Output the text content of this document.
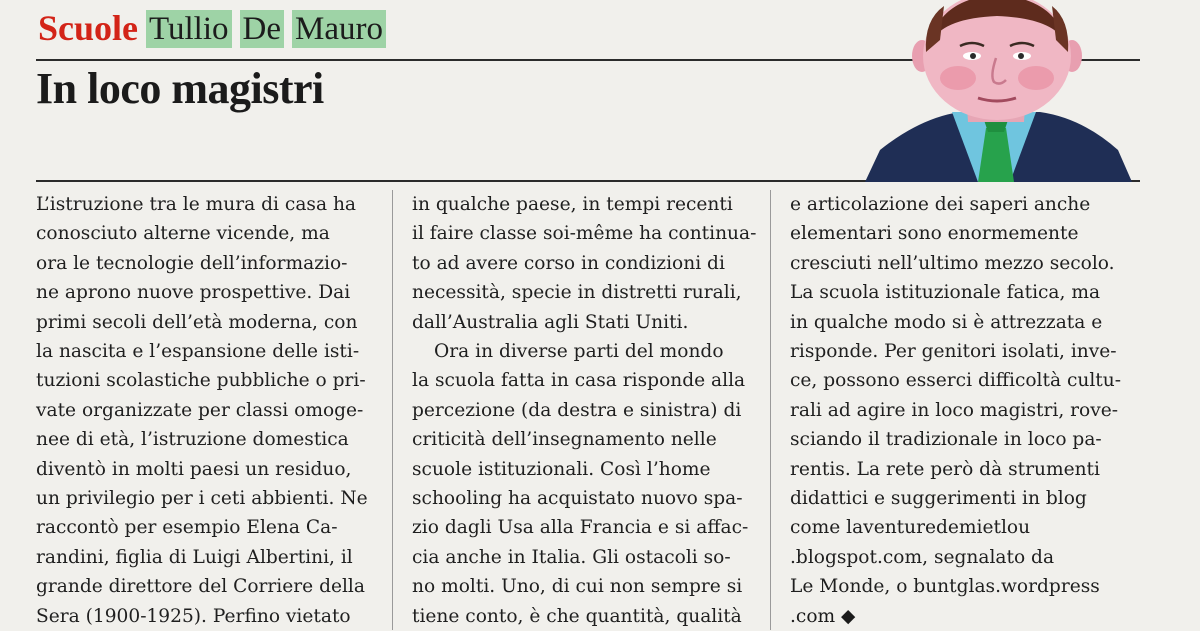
Scuole Tullio De Mauro
In loco magistri

L’istruzione tra le mura di casa ha
conosciuto alterne vicende, ma
ora le tecnologie dell’informazio-
ne aprono nuove prospettive. Dai
primi secoli dell’età moderna, con
la nascita e l’espansione delle isti-
tuzioni scolastiche pubbliche o pri-
vate organizzate per classi omoge-
nee di età, l’istruzione domestica
diventò in molti paesi un residuo,
un privilegio per i ceti abbienti. Ne
raccontò per esempio Elena Ca-
randini, figlia di Luigi Albertini, il
grande direttore del Corriere della
Sera (1900-1925). Perfino vietato

in qualche paese, in tempi recenti
il faire classe soi-même ha continua-
to ad avere corso in condizioni di
necessità, specie in distretti rurali,
dall’Australia agli Stati Uniti.
Ora in diverse parti del mondo
la scuola fatta in casa risponde alla
percezione (da destra e sinistra) di
criticità dell’insegnamento nelle
scuole istituzionali. Così l’home
schooling ha acquistato nuovo spa-
zio dagli Usa alla Francia e si affac-
cia anche in Italia. Gli ostacoli so-
no molti. Uno, di cui non sempre si
tiene conto, è che quantità, qualità

e articolazione dei saperi anche
elementari sono enormemente
cresciuti nell’ultimo mezzo secolo.
La scuola istituzionale fatica, ma
in qualche modo si è attrezzata e
risponde. Per genitori isolati, inve-
ce, possono esserci difficoltà cultu-
rali ad agire in loco magistri, rove-
sciando il tradizionale in loco pa-
rentis. La rete però dà strumenti
didattici e suggerimenti in blog
come laventuredemietlou
.blogspot.com, segnalato da
Le Monde, o buntglas.wordpress
.com ◆
